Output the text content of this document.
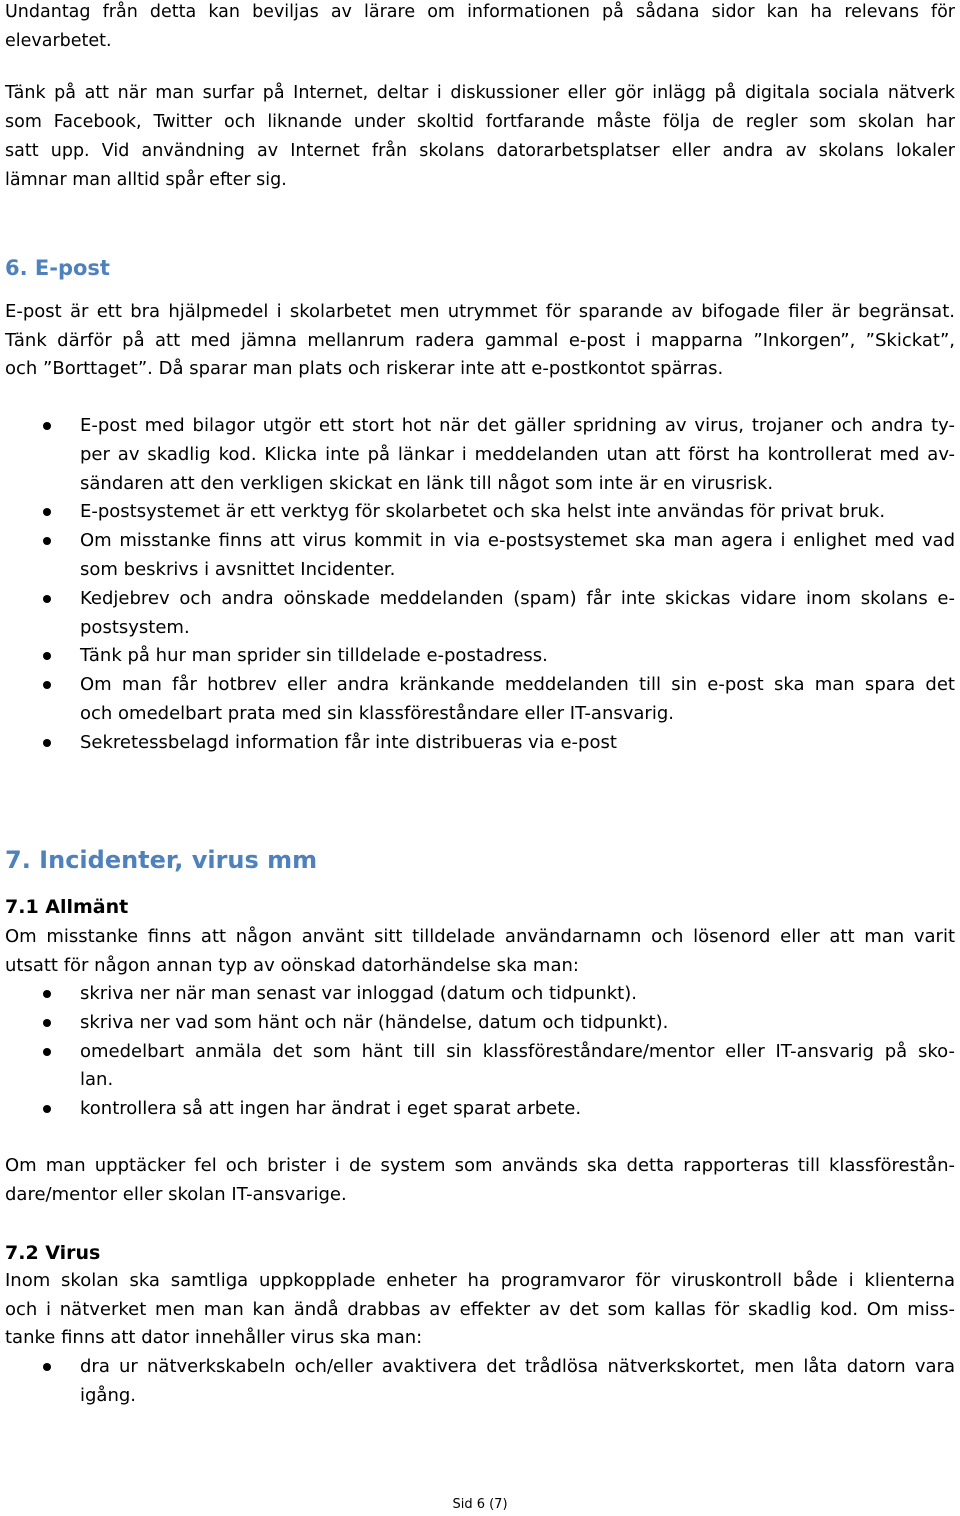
Undantag från detta kan beviljas av lärare om informationen på sådana sidor kan ha relevans för
elevarbetet.

Tänk på att när man surfar på Internet, deltar i diskussioner eller gör inlägg på digitala sociala nätverk
som Facebook, Twitter och liknande under skoltid fortfarande måste följa de regler som skolan har
satt upp. Vid användning av Internet från skolans datorarbetsplatser eller andra av skolans lokaler
lämnar man alltid spår efter sig.

6. E-post

E-post är ett bra hjälpmedel i skolarbetet men utrymmet för sparande av bifogade filer är begränsat.
Tänk därför på att med jämna mellanrum radera gammal e-post i mapparna ”Inkorgen”, ”Skickat”,
och ”Borttaget”. Då sparar man plats och riskerar inte att e-postkontot spärras.

E-post med bilagor utgör ett stort hot när det gäller spridning av virus, trojaner och andra ty-
per av skadlig kod. Klicka inte på länkar i meddelanden utan att först ha kontrollerat med av-
sändaren att den verkligen skickat en länk till något som inte är en virusrisk.
E-postsystemet är ett verktyg för skolarbetet och ska helst inte användas för privat bruk.
Om misstanke finns att virus kommit in via e-postsystemet ska man agera i enlighet med vad
som beskrivs i avsnittet Incidenter.
Kedjebrev och andra oönskade meddelanden (spam) får inte skickas vidare inom skolans e-
postsystem.
Tänk på hur man sprider sin tilldelade e-postadress.
Om man får hotbrev eller andra kränkande meddelanden till sin e-post ska man spara det
och omedelbart prata med sin klassföreståndare eller IT-ansvarig.
Sekretessbelagd information får inte distribueras via e-post
7. Incidenter, virus mm
7.1 Allmänt

Om misstanke finns att någon använt sitt tilldelade användarnamn och lösenord eller att man varit
utsatt för någon annan typ av oönskad datorhändelse ska man:

skriva ner när man senast var inloggad (datum och tidpunkt).
skriva ner vad som hänt och när (händelse, datum och tidpunkt).
omedelbart anmäla det som hänt till sin klassföreståndare/mentor eller IT-ansvarig på sko-
lan.
kontrollera så att ingen har ändrat i eget sparat arbete.

Om man upptäcker fel och brister i de system som används ska detta rapporteras till klassförestån-
dare/mentor eller skolan IT-ansvarige.

7.2 Virus

Inom skolan ska samtliga uppkopplade enheter ha programvaror för viruskontroll både i klienterna
och i nätverket men man kan ändå drabbas av effekter av det som kallas för skadlig kod. Om miss-
tanke finns att dator innehåller virus ska man:

dra ur nätverkskabeln och/eller avaktivera det trådlösa nätverkskortet, men låta datorn vara
igång.
Sid 6 (7)
